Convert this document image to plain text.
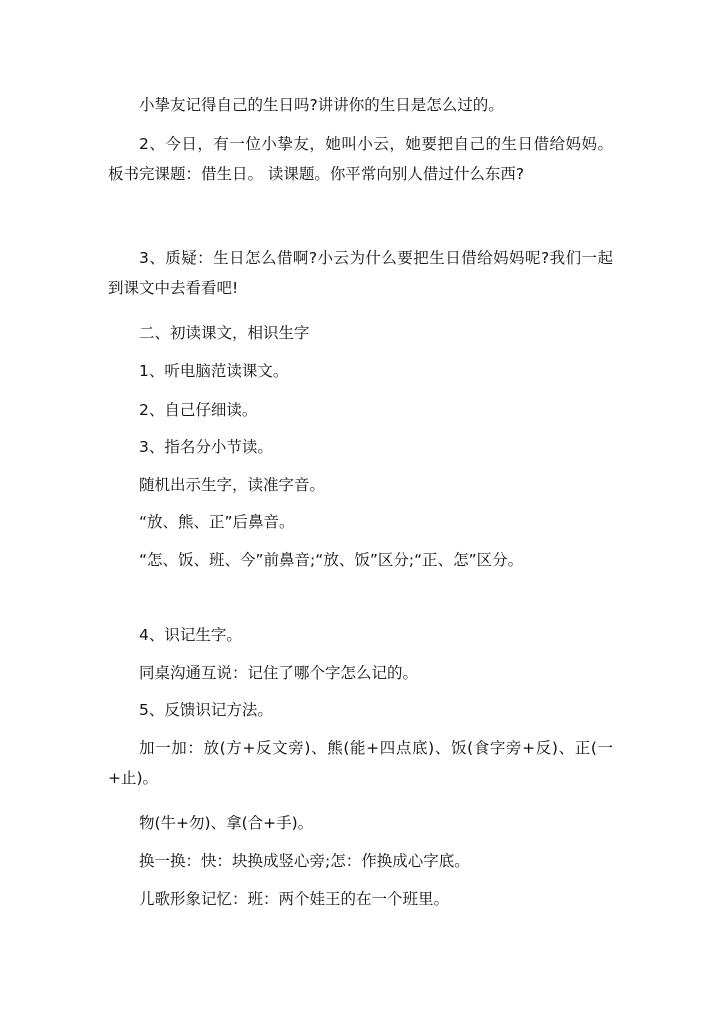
小挚友记得自己的生日吗?讲讲你的生日是怎么过的。

2、今日，有一位小挚友，她叫小云，她要把自己的生日借给妈妈。板书完课题：借生日。 读课题。你平常向别人借过什么东西?

3、质疑：生日怎么借啊?小云为什么要把生日借给妈妈呢?我们一起到课文中去看看吧!

二、初读课文，相识生字

1、听电脑范读课文。

2、自己仔细读。

3、指名分小节读。

随机出示生字，读准字音。

“放、熊、正”后鼻音。

“怎、饭、班、今”前鼻音;“放、饭”区分;“正、怎”区分。

4、识记生字。

同桌沟通互说：记住了哪个字怎么记的。

5、反馈识记方法。

加一加：放(方+反文旁)、熊(能+四点底)、饭(食字旁+反)、正(一+止)。

物(牛+勿)、拿(合+手)。

换一换：快：块换成竖心旁;怎：作换成心字底。

儿歌形象记忆：班：两个娃王的在一个班里。
